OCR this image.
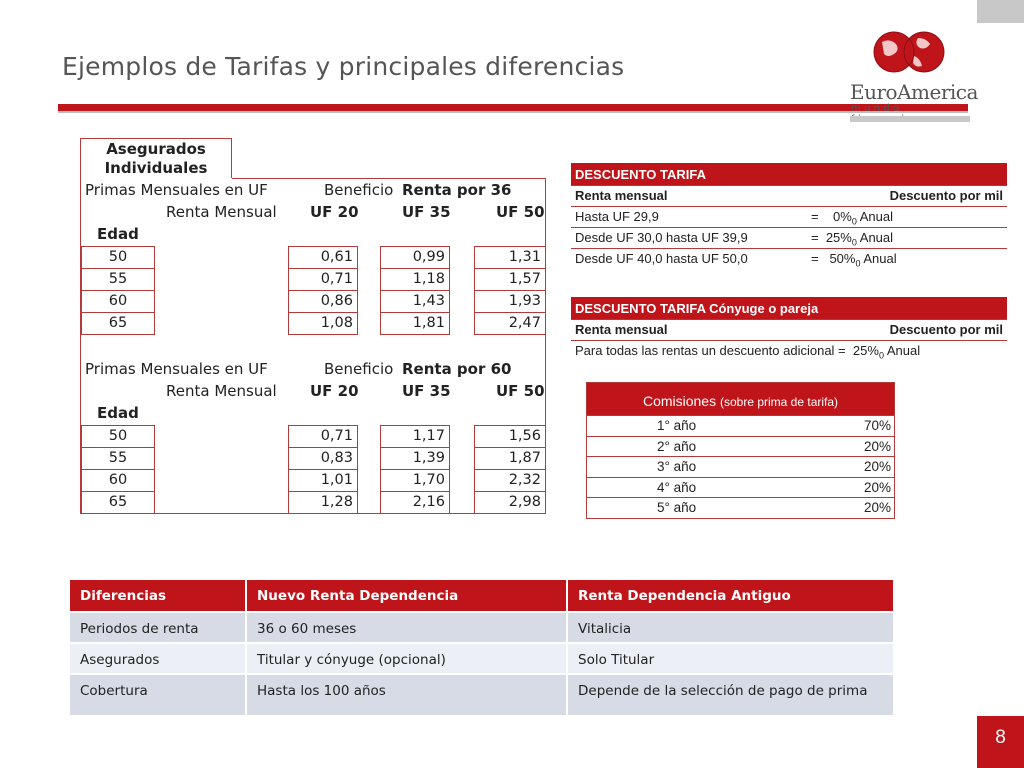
Ejemplos de Tarifas y principales diferencias
EuroAmerica
mundo
Asegurados
Individuales
Primas Mensuales en UF	Beneficio Renta por 36
Renta Mensual UF 20	UF 35	UF 50
Edad
50	0,61	0,99	1,31
55	0,71	1,18	1,57
60	0,86	1,43	1,93
65	1,08	1,81	2,47
Primas Mensuales en UF	Beneficio Renta por 60
Renta Mensual UF 20	UF 35	UF 50
Edad
50	0,71	1,17	1,56
55	0,83	1,39	1,87
60	1,01	1,70	2,32
65	1,28	2,16	2,98
DESCUENTO TARIFA
Renta mensual	Descuento por mil
Hasta UF 29,9	= $0\%_0$ Anual
Desde UF 30,0 hasta UF 39,9	= $25\%_0$ Anual
Desde UF 40,0 hasta UF 50,0	= $50\%_0$ Anual
DESCUENTO TARIFA Cónyuge o pareja
Renta mensual	Descuento por mil
Para todas las rentas un descuento adicional = $25\%_0$ Anual
Comisiones (sobre prima de tarifa)
1° año	70%
2° año	20%
3° año	20%
4° año	20%
5° año	20%
Diferencias	Nuevo Renta Dependencia	Renta Dependencia Antiguo
Periodos de renta	36 o 60 meses	Vitalicia
Asegurados	Titular y cónyuge (opcional)	Solo Titular
Cobertura	Hasta los 100 años	Depende de la selección de pago de prima
8
